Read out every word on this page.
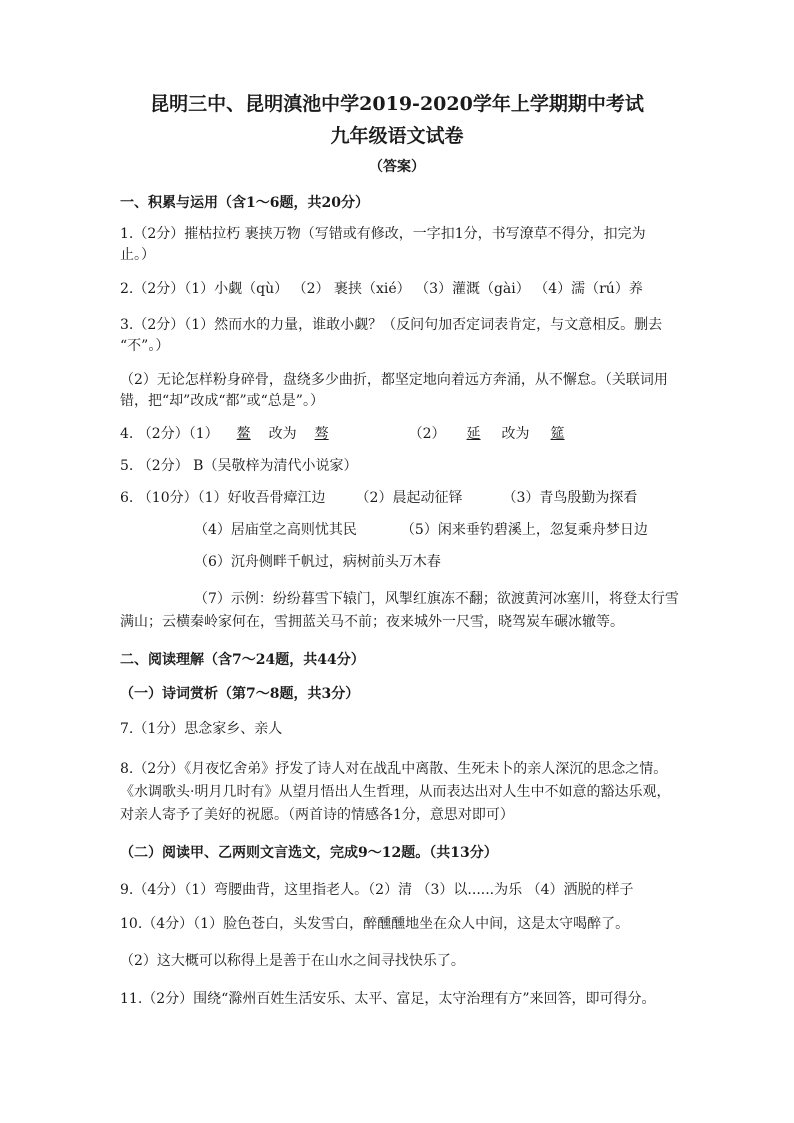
昆明三中、昆明滇池中学2019-2020学年上学期期中考试

九年级语文试卷

（答案）

一、积累与运用（含1～6题，共20分）

1.（2分）摧枯拉朽 裹挟万物（写错或有修改，一字扣1分，书写潦草不得分，扣完为

止。）

2.（2分）（1）小觑（qù） （2） 裹挟（xié） （3）灌溉（gài） （4）濡（rú）养

3.（2分）（1）然而水的力量，谁敢小觑？（反问句加否定词表肯定，与文意相反。删去

“不”。）

（2）无论怎样粉身碎骨，盘绕多少曲折，都坚定地向着远方奔涌，从不懈怠。（关联词用

错，把“却”改成“都”或“总是”。）

4. （2分）（1） 鳌 改为 骜	（2） 延 改为 筵

5. （2分） B（吴敬梓为清代小说家）

6. （10分）（1）好收吾骨瘴江边 （2）晨起动征铎	（3）青鸟殷勤为探看

（4）居庙堂之高则忧其民	（5）闲来垂钓碧溪上，忽复乘舟梦日边

（6）沉舟侧畔千帆过，病树前头万木春

（7）示例：纷纷暮雪下辕门，风掣红旗冻不翻；欲渡黄河冰塞川，将登太行雪

满山；云横秦岭家何在，雪拥蓝关马不前；夜来城外一尺雪，晓驾炭车碾冰辙等。

二、阅读理解（含7～24题，共44分）

（一）诗词赏析（第7～8题，共3分）

7.（1分）思念家乡、亲人

8.（2分）《月夜忆舍弟》抒发了诗人对在战乱中离散、生死未卜的亲人深沉的思念之情。

《水调歌头·明月几时有》从望月悟出人生哲理，从而表达出对人生中不如意的豁达乐观，

对亲人寄予了美好的祝愿。（两首诗的情感各1分，意思对即可）

（二）阅读甲、乙两则文言选文，完成9～12题。（共13分）

9.（4分）（1）弯腰曲背，这里指老人。（2）清 （3）以......为乐 （4）洒脱的样子

10.（4分）（1）脸色苍白，头发雪白，醉醺醺地坐在众人中间，这是太守喝醉了。

（2）这大概可以称得上是善于在山水之间寻找快乐了。

11.（2分）围绕“滁州百姓生活安乐、太平、富足，太守治理有方”来回答，即可得分。
